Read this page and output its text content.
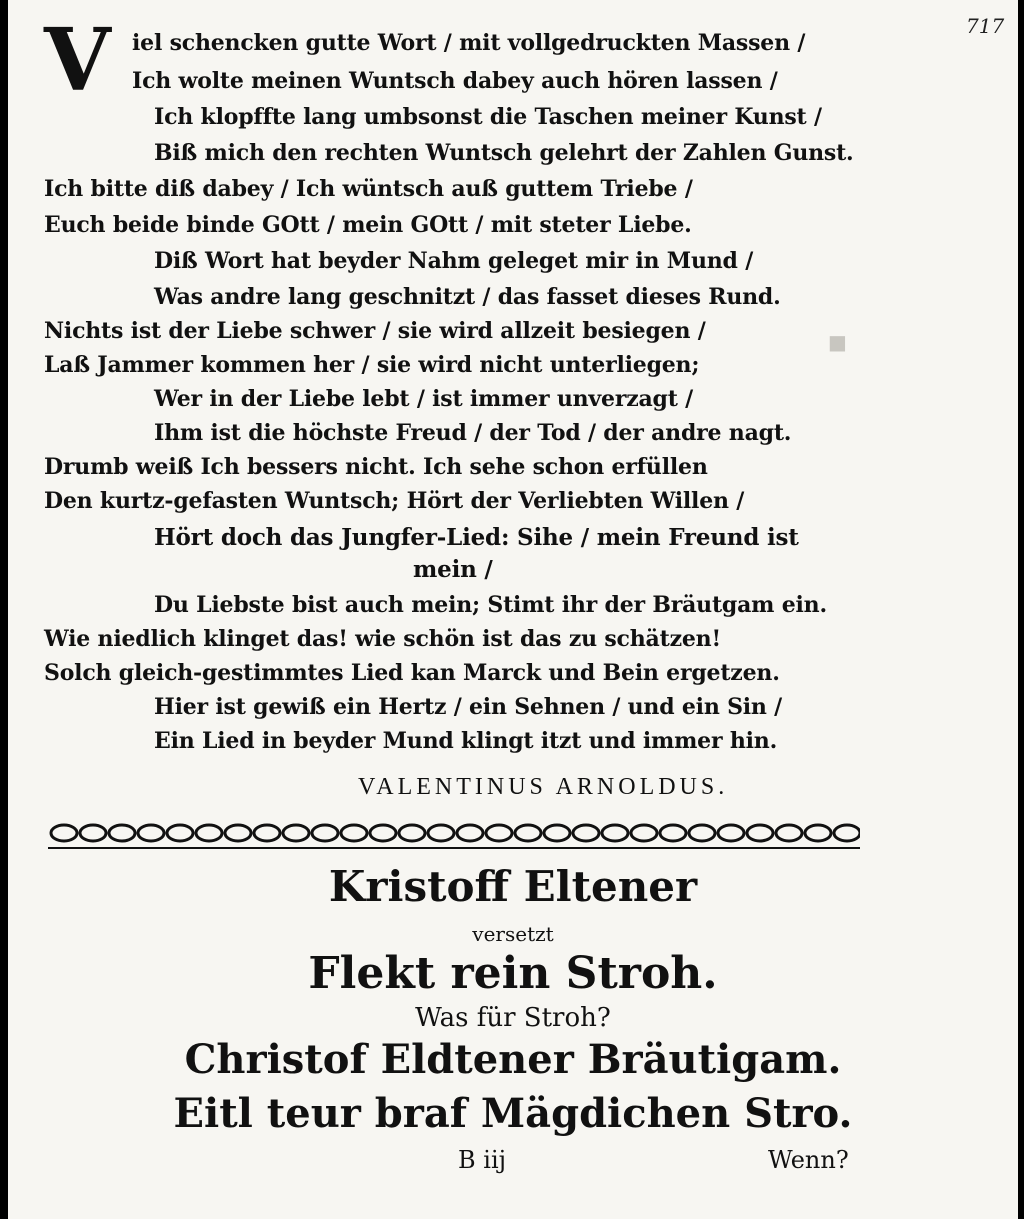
■ 
717
V iel schencken gutte Wort / mit vollgedruckten Massen /
Ich wolte meinen Wuntsch dabey auch hören lassen /
Ich klopffte lang umbsonst die Taschen meiner Kunst /
Biß mich den rechten Wuntsch gelehrt der Zahlen Gunst.
Ich bitte diß dabey / Ich wüntsch auß guttem Triebe /
Euch beide binde GOtt / mein GOtt / mit steter Liebe.
Diß Wort hat beyder Nahm geleget mir in Mund /
Was andre lang geschnitzt / das fasset dieses Rund.
Nichts ist der Liebe schwer / sie wird allzeit besiegen /
Laß Jammer kommen her / sie wird nicht unterliegen;
Wer in der Liebe lebt / ist immer unverzagt /
Ihm ist die höchste Freud / der Tod / der andre nagt.
Drumb weiß Ich bessers nicht. Ich sehe schon erfüllen
Den kurtz-gefasten Wuntsch; Hört der Verliebten Willen /
Hört doch das Jungfer-Lied: Sihe / mein Freund ist
mein /
Du Liebste bist auch mein; Stimt ihr der Bräutgam ein.
Wie niedlich klinget das! wie schön ist das zu schätzen!
Solch gleich-gestimmtes Lied kan Marck und Bein ergetzen.
Hier ist gewiß ein Hertz / ein Sehnen / und ein Sin /
Ein Lied in beyder Mund klingt itzt und immer hin.
VALENTINUS ARNOLDUS.
Kristoff Eltener
versetzt
Flekt rein Stroh.
Was für Stroh?
Christof Eldtener Bräutigam.
Eitl teur braf Mägdichen Stro.
B iij	Wenn?
